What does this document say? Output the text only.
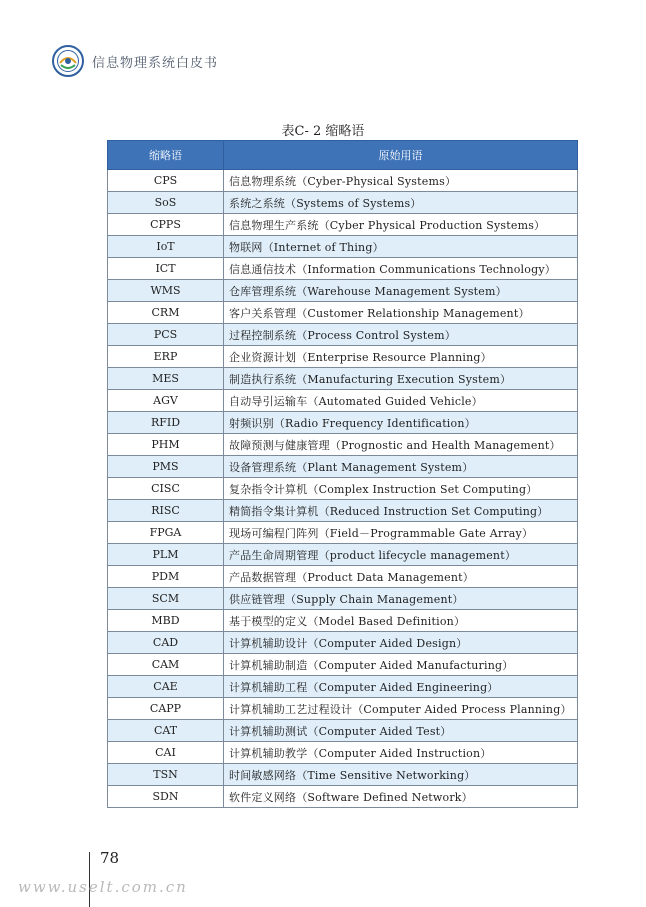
信息物理系统白皮书
表C- 2 缩略语
缩略语	原始用语
CPS	信息物理系统（Cyber-Physical Systems）
SoS	系统之系统（Systems of Systems）
CPPS	信息物理生产系统（Cyber Physical Production Systems）
IoT	物联网（Internet of Thing）
ICT	信息通信技术（Information Communications Technology）
WMS	仓库管理系统（Warehouse Management System）
CRM	客户关系管理（Customer Relationship Management）
PCS	过程控制系统（Process Control System）
ERP	企业资源计划（Enterprise Resource Planning）
MES	制造执行系统（Manufacturing Execution System）
AGV	自动导引运输车（Automated Guided Vehicle）
RFID	射频识别（Radio Frequency Identification）
PHM	故障预测与健康管理（Prognostic and Health Management）
PMS	设备管理系统（Plant Management System）
CISC	复杂指令计算机（Complex Instruction Set Computing）
RISC	精简指令集计算机（Reduced Instruction Set Computing）
FPGA	现场可编程门阵列（Field－Programmable Gate Array）
PLM	产品生命周期管理（product lifecycle management）
PDM	产品数据管理（Product Data Management）
SCM	供应链管理（Supply Chain Management）
MBD	基于模型的定义（Model Based Definition）
CAD	计算机辅助设计（Computer Aided Design）
CAM	计算机辅助制造（Computer Aided Manufacturing）
CAE	计算机辅助工程（Computer Aided Engineering）
CAPP	计算机辅助工艺过程设计（Computer Aided Process Planning）
CAT	计算机辅助测试（Computer Aided Test）
CAI	计算机辅助教学（Computer Aided Instruction）
TSN	时间敏感网络（Time Sensitive Networking）
SDN	软件定义网络（Software Defined Network）
78
www.uselt.com.cn
